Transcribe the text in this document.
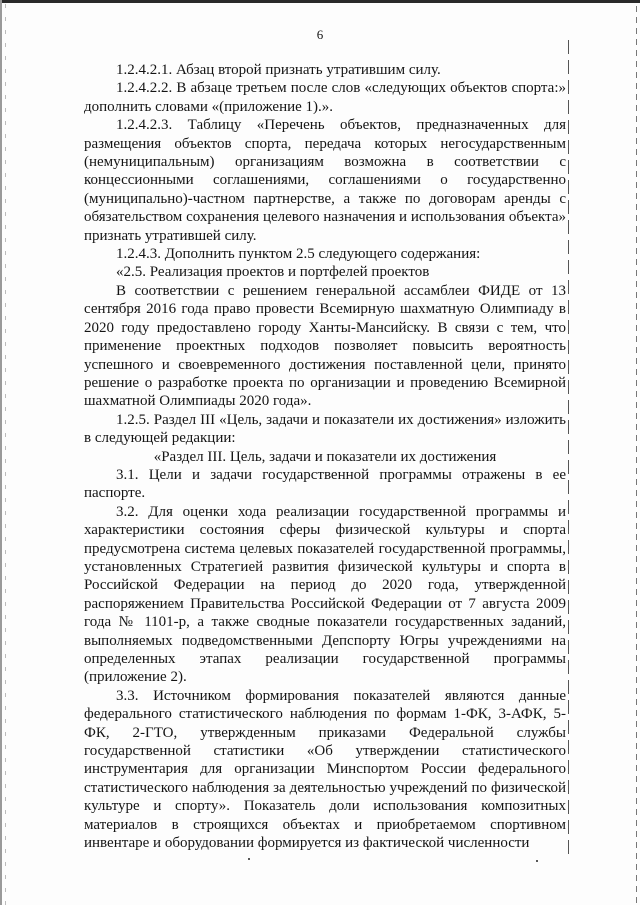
6

1.2.4.2.1. Абзац второй признать утратившим силу.

1.2.4.2.2. В абзаце третьем после слов «следующих объектов спорта:» дополнить словами «(приложение 1).».

1.2.4.2.3. Таблицу «Перечень объектов, предназначенных для размещения объектов спорта, передача которых негосударственным (немуниципальным) организациям возможна в соответствии с концессионными соглашениями, соглашениями о государственно (муниципально)-частном партнерстве, а также по договорам аренды с обязательством сохранения целевого назначения и использования объекта» признать утратившей силу.

1.2.4.3. Дополнить пунктом 2.5 следующего содержания:

«2.5. Реализация проектов и портфелей проектов

В соответствии с решением генеральной ассамблеи ФИДЕ от 13 сентября 2016 года право провести Всемирную шахматную Олимпиаду в 2020 году предоставлено городу Ханты-Мансийску. В связи с тем, что применение проектных подходов позволяет повысить вероятность успешного и своевременного достижения поставленной цели, принято решение о разработке проекта по организации и проведению Всемирной шахматной Олимпиады 2020 года».

1.2.5. Раздел III «Цель, задачи и показатели их достижения» изложить в следующей редакции:

«Раздел III. Цель, задачи и показатели их достижения

3.1. Цели и задачи государственной программы отражены в ее паспорте.

3.2. Для оценки хода реализации государственной программы и характеристики состояния сферы физической культуры и спорта предусмотрена система целевых показателей государственной программы, установленных Стратегией развития физической культуры и спорта в Российской Федерации на период до 2020 года, утвержденной распоряжением Правительства Российской Федерации от 7 августа 2009 года № 1101-р, а также сводные показатели государственных заданий, выполняемых подведомственными Депспорту Югры учреждениями на определенных этапах реализации государственной программы (приложение 2).

3.3. Источником формирования показателей являются данные федерального статистического наблюдения по формам 1-ФК, 3-АФК, 5-ФК, 2-ГТО, утвержденным приказами Федеральной службы государственной статистики «Об утверждении статистического инструментария для организации Минспортом России федерального статистического наблюдения за деятельностью учреждений по физической культуре и спорту». Показатель доли использования композитных материалов в строящихся объектах и приобретаемом спортивном инвентаре и оборудовании формируется из фактической численности
